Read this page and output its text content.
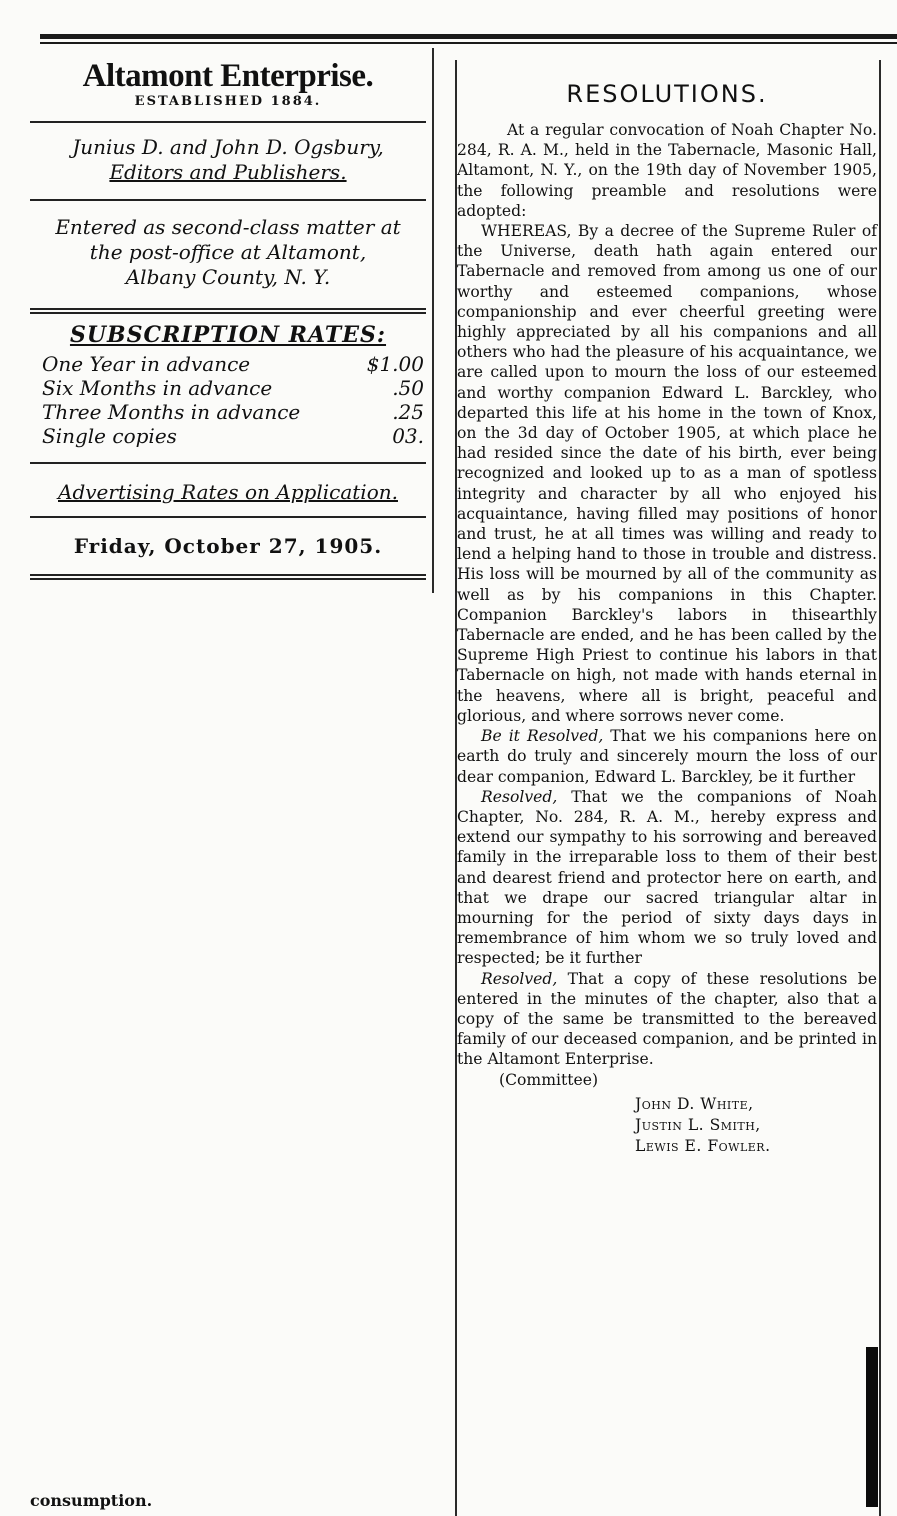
Altamont Enterprise.
ESTABLISHED 1884.
Junius D. and John D. Ogsbury,
Editors and Publishers.
Entered as second-class matter at
the post-office at Altamont,
Albany County, N. Y.
SUBSCRIPTION RATES:
One Year in advance	$1.00
Six Months in advance	.50
Three Months in advance	.25
Single copies	03.
Advertising Rates on Application.
Friday, October 27, 1905.
RESOLUTIONS.

At a regular convocation of Noah Chapter No. 284, R. A. M., held in the Tabernacle, Masonic Hall, Altamont, N. Y., on the 19th day of November 1905, the following preamble and resolutions were adopted:

WHEREAS, By a decree of the Supreme Ruler of the Universe, death hath again entered our Tabernacle and removed from among us one of our worthy and esteemed companions, whose companionship and ever cheerful greeting were highly appreciated by all his companions and all others who had the pleasure of his acquaintance, we are called upon to mourn the loss of our esteemed and worthy companion Edward L. Barckley, who departed this life at his home in the town of Knox, on the 3d day of October 1905, at which place he had resided since the date of his birth, ever being recognized and looked up to as a man of spotless integrity and character by all who enjoyed his acquaintance, having filled may positions of honor and trust, he at all times was willing and ready to lend a helping hand to those in trouble and distress. His loss will be mourned by all of the community as well as by his companions in this Chapter. Companion Barckley's labors in thisearthly Tabernacle are ended, and he has been called by the Supreme High Priest to continue his labors in that Tabernacle on high, not made with hands eternal in the heavens, where all is bright, peaceful and glorious, and where sorrows never come.

Be it Resolved, That we his companions here on earth do truly and sincerely mourn the loss of our dear companion, Edward L. Barckley, be it further

Resolved, That we the companions of Noah Chapter, No. 284, R. A. M., hereby express and extend our sympathy to his sorrowing and bereaved family in the irreparable loss to them of their best and dearest friend and protector here on earth, and that we drape our sacred triangular altar in mourning for the period of sixty days days in remembrance of him whom we so truly loved and respected; be it further

Resolved, That a copy of these resolutions be entered in the minutes of the chapter, also that a copy of the same be transmitted to the bereaved family of our deceased companion, and be printed in the Altamont Enterprise.

(Committee)

John D. White,
Justin L. Smith,
Lewis E. Fowler.
consumption.
